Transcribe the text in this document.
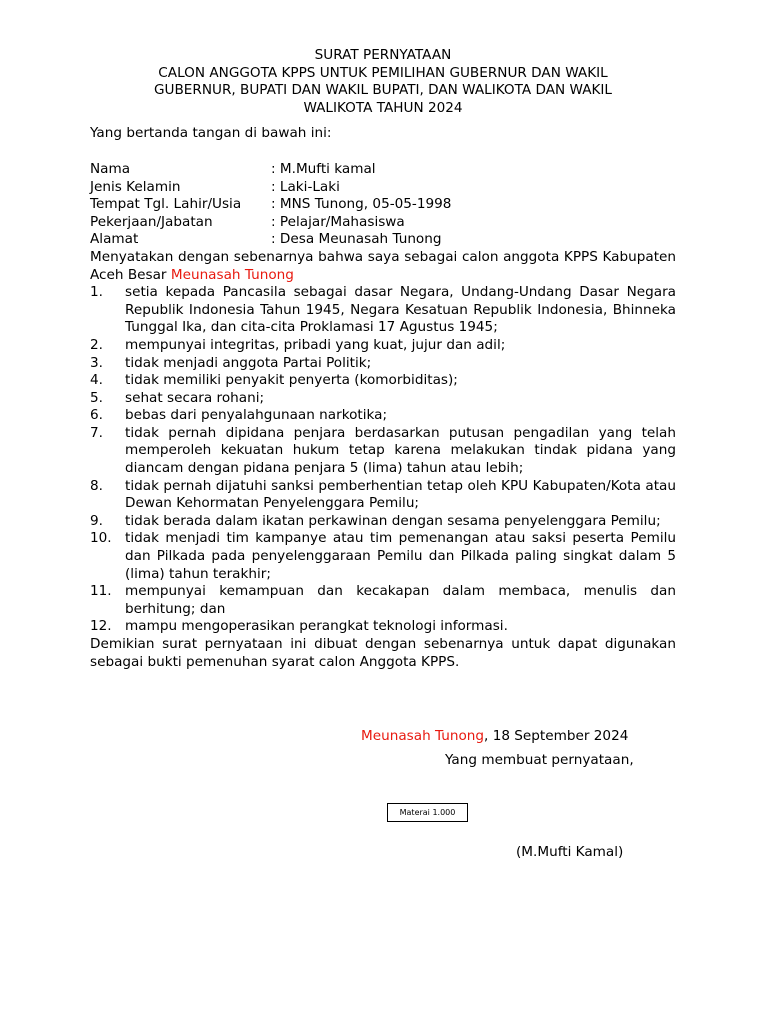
SURAT PERNYATAAN
CALON ANGGOTA KPPS UNTUK PEMILIHAN GUBERNUR DAN WAKIL
GUBERNUR, BUPATI DAN WAKIL BUPATI, DAN WALIKOTA DAN WAKIL
WALIKOTA TAHUN 2024
Yang bertanda tangan di bawah ini:
Nama	: M.Mufti kamal
Jenis Kelamin	: Laki-Laki
Tempat Tgl. Lahir/Usia	: MNS Tunong, 05-05-1998
Pekerjaan/Jabatan	: Pelajar/Mahasiswa
Alamat	: Desa Meunasah Tunong
Menyatakan dengan sebenarnya bahwa saya sebagai calon anggota KPPS Kabupaten Aceh Besar Meunasah Tunong
1.	setia kepada Pancasila sebagai dasar Negara, Undang-Undang Dasar Negara Republik Indonesia Tahun 1945, Negara Kesatuan Republik Indonesia, Bhinneka Tunggal Ika, dan cita-cita Proklamasi 17 Agustus 1945;
2.	mempunyai integritas, pribadi yang kuat, jujur dan adil;
3.	tidak menjadi anggota Partai Politik;
4.	tidak memiliki penyakit penyerta (komorbiditas);
5.	sehat secara rohani;
6.	bebas dari penyalahgunaan narkotika;
7.	tidak pernah dipidana penjara berdasarkan putusan pengadilan yang telah memperoleh kekuatan hukum tetap karena melakukan tindak pidana yang diancam dengan pidana penjara 5 (lima) tahun atau lebih;
8.	tidak pernah dijatuhi sanksi pemberhentian tetap oleh KPU Kabupaten/Kota atau Dewan Kehormatan Penyelenggara Pemilu;
9.	tidak berada dalam ikatan perkawinan dengan sesama penyelenggara Pemilu;
10. tidak menjadi tim kampanye atau tim pemenangan atau saksi peserta Pemilu dan Pilkada pada penyelenggaraan Pemilu dan Pilkada paling singkat dalam 5 (lima) tahun terakhir;
11. mempunyai kemampuan dan kecakapan dalam membaca, menulis dan berhitung; dan
12. mampu mengoperasikan perangkat teknologi informasi.
Demikian surat pernyataan ini dibuat dengan sebenarnya untuk dapat digunakan sebagai bukti pemenuhan syarat calon Anggota KPPS.
Meunasah Tunong, 18 September 2024
Yang membuat pernyataan,
Materai 1.000
(M.Mufti Kamal)
